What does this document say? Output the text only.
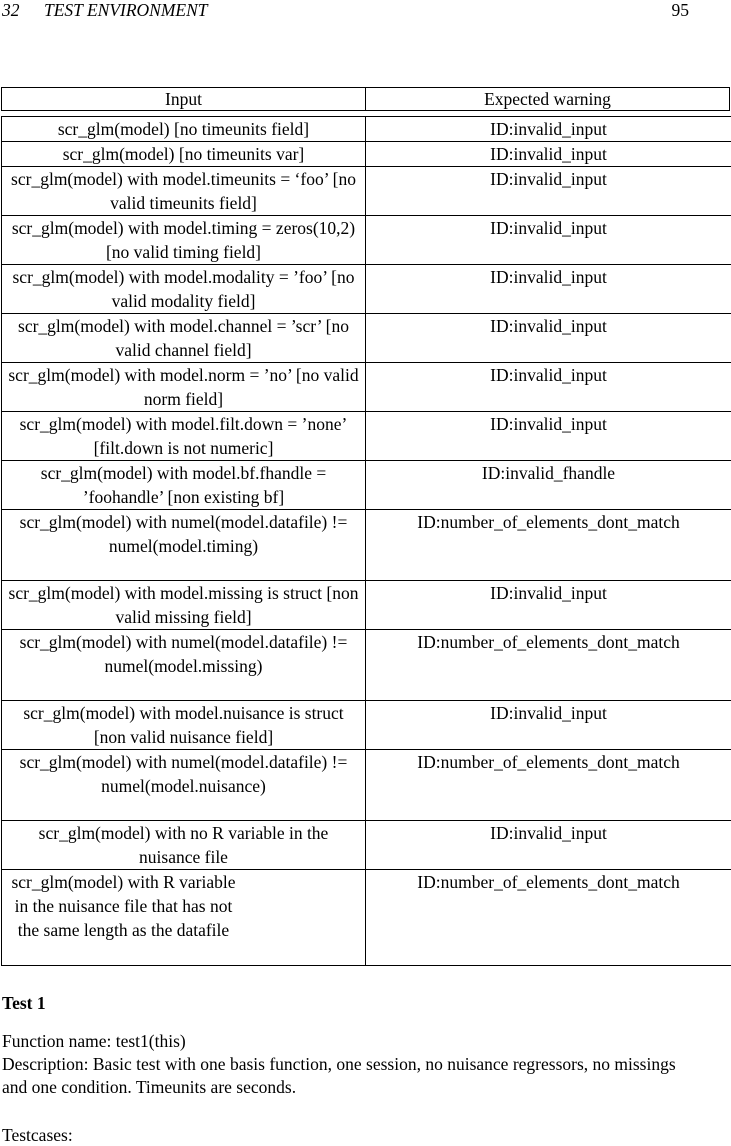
32 TEST ENVIRONMENT	95
Input	Expected warning
scr_glm(model) [no timeunits field]	ID:invalid_input

scr_glm(model) [no timeunits var]	ID:invalid_input

scr_glm(model) with model.timeunits = ‘foo’ [no valid timeunits field]	ID:invalid_input

scr_glm(model) with model.timing = zeros(10,2) [no valid timing field]	ID:invalid_input

scr_glm(model) with model.modality = ’foo’ [no valid modality field]	ID:invalid_input

scr_glm(model) with model.channel = ’scr’ [no valid channel field]	ID:invalid_input

scr_glm(model) with model.norm = ’no’ [no valid norm field]	ID:invalid_input

scr_glm(model) with model.filt.down = ’none’ [filt.down is not numeric]	ID:invalid_input

scr_glm(model) with model.bf.fhandle = ’foohandle’ [non existing bf]	ID:invalid_fhandle

scr_glm(model) with numel(model.datafile) != numel(model.timing)	ID:number_of_elements_dont_match

scr_glm(model) with model.missing is struct [non valid missing field]	ID:invalid_input

scr_glm(model) with numel(model.datafile) != numel(model.missing)	ID:number_of_elements_dont_match

scr_glm(model) with model.nuisance is struct [non valid nuisance field]	ID:invalid_input

scr_glm(model) with numel(model.datafile) != numel(model.nuisance)	ID:number_of_elements_dont_match

scr_glm(model) with no R variable in the nuisance file	ID:invalid_input

scr_glm(model) with R variable in the nuisance file that has not the same length as the datafile	ID:number_of_elements_dont_match
Test 1
Function name: test1(this)
Description: Basic test with one basis function, one session, no nuisance regressors, no missings and one condition. Timeunits are seconds.
Testcases:
